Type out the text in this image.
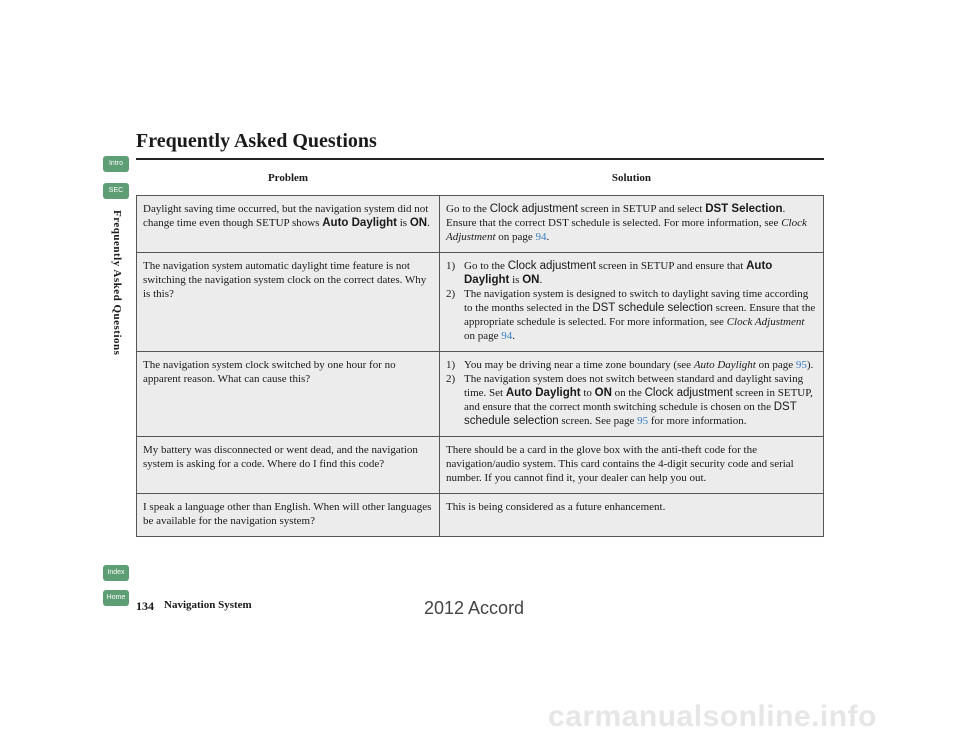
Intro
SEC
Frequently Asked Questions
Index
Home
Frequently Asked Questions
Problem	Solution
Daylight saving time occurred, but the navigation system did not change time even though SETUP shows Auto Daylight is ON.	Go to the Clock adjustment screen in SETUP and select DST Selection. Ensure that the correct DST schedule is selected. For more information, see Clock Adjustment on page 94.
The navigation system automatic daylight time feature is not switching the navigation system clock on the correct dates. Why is this?	1) Go to the Clock adjustment screen in SETUP and ensure that Auto Daylight is ON.
2) The navigation system is designed to switch to daylight saving time according to the months selected in the DST schedule selection screen. Ensure that the appropriate schedule is selected. For more information, see Clock Adjustment on page 94.

The navigation system clock switched by one hour for no apparent reason. What can cause this?	1) You may be driving near a time zone boundary (see Auto Daylight on page 95).
2) The navigation system does not switch between standard and daylight saving time. Set Auto Daylight to ON on the Clock adjustment screen in SETUP, and ensure that the correct month switching schedule is chosen on the DST schedule selection screen. See page 95 for more information.

My battery was disconnected or went dead, and the navigation system is asking for a code. Where do I find this code?	There should be a card in the glove box with the anti-theft code for the navigation/audio system. This card contains the 4-digit security code and serial number. If you cannot find it, your dealer can help you out.
I speak a language other than English. When will other languages be available for the navigation system?	This is being considered as a future enhancement.
134 Navigation System	2012 Accord
carmanualsonline.info
